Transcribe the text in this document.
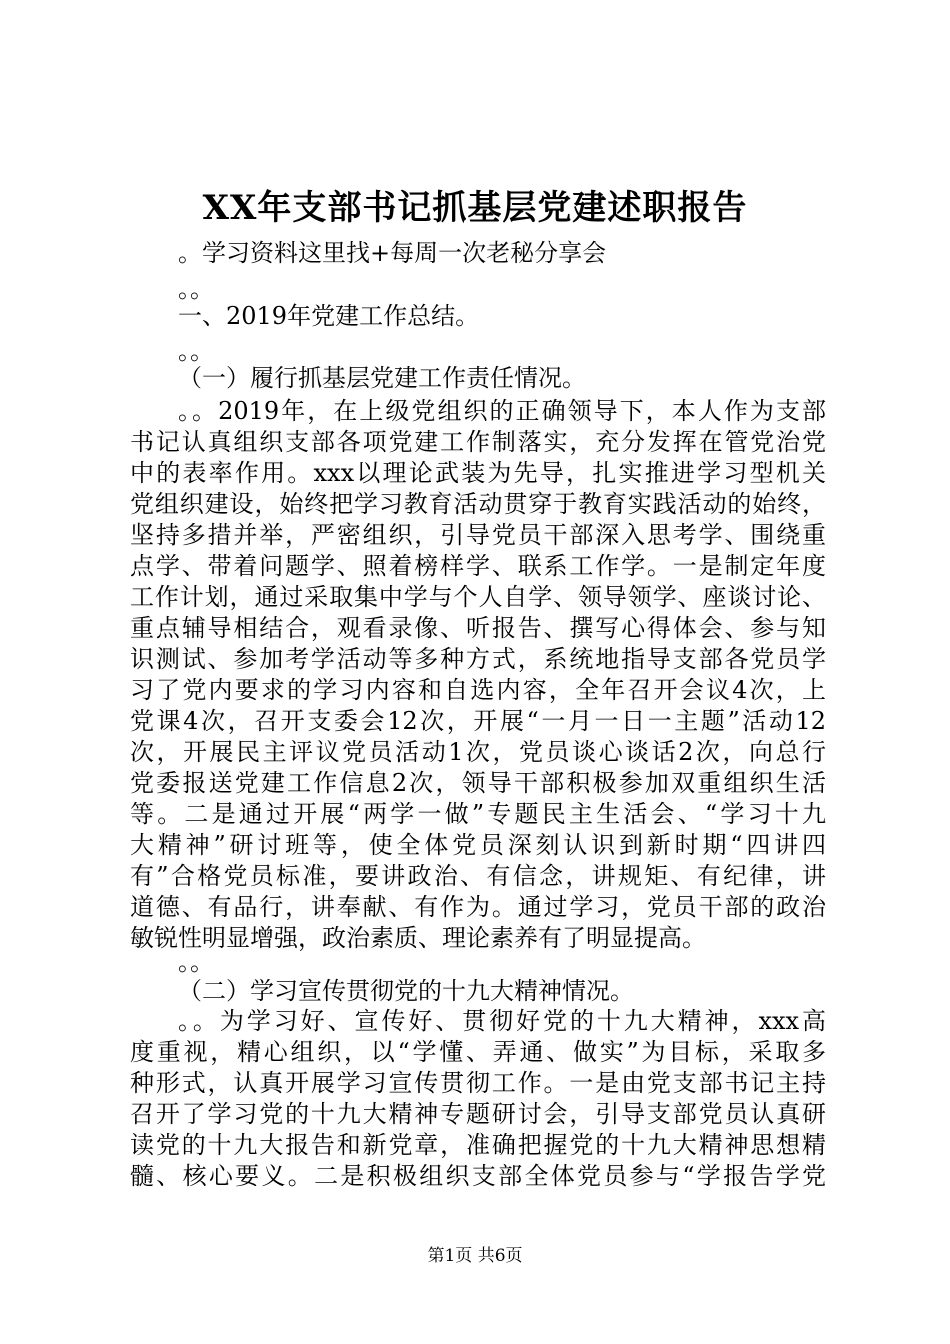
XX年支部书记抓基层党建述职报告
。学习资料这里找+每周一次老秘分享会
。。
一、2019年党建工作总结。
。。
（一）履行抓基层党建工作责任情况。
。。2019年，在上级党组织的正确领导下，本人作为支部
书记认真组织支部各项党建工作制落实，充分发挥在管党治党
中的表率作用。xxx以理论武装为先导，扎实推进学习型机关
党组织建设，始终把学习教育活动贯穿于教育实践活动的始终，
坚持多措并举，严密组织，引导党员干部深入思考学、围绕重
点学、带着问题学、照着榜样学、联系工作学。一是制定年度
工作计划，通过采取集中学与个人自学、领导领学、座谈讨论、
重点辅导相结合，观看录像、听报告、撰写心得体会、参与知
识测试、参加考学活动等多种方式，系统地指导支部各党员学
习了党内要求的学习内容和自选内容，全年召开会议4次，上
党课4次，召开支委会12次，开展“一月一日一主题”活动12
次，开展民主评议党员活动1次，党员谈心谈话2次，向总行
党委报送党建工作信息2次，领导干部积极参加双重组织生活
等。二是通过开展“两学一做”专题民主生活会、“学习十九
大精神”研讨班等，使全体党员深刻认识到新时期“四讲四
有”合格党员标准，要讲政治、有信念，讲规矩、有纪律，讲
道德、有品行，讲奉献、有作为。通过学习，党员干部的政治
敏锐性明显增强，政治素质、理论素养有了明显提高。
。。
（二）学习宣传贯彻党的十九大精神情况。
。。为学习好、宣传好、贯彻好党的十九大精神，xxx高
度重视，精心组织，以“学懂、弄通、做实”为目标，采取多
种形式，认真开展学习宣传贯彻工作。一是由党支部书记主持
召开了学习党的十九大精神专题研讨会，引导支部党员认真研
读党的十九大报告和新党章，准确把握党的十九大精神思想精
髓、核心要义。二是积极组织支部全体党员参与“学报告学党
第1页 共6页
